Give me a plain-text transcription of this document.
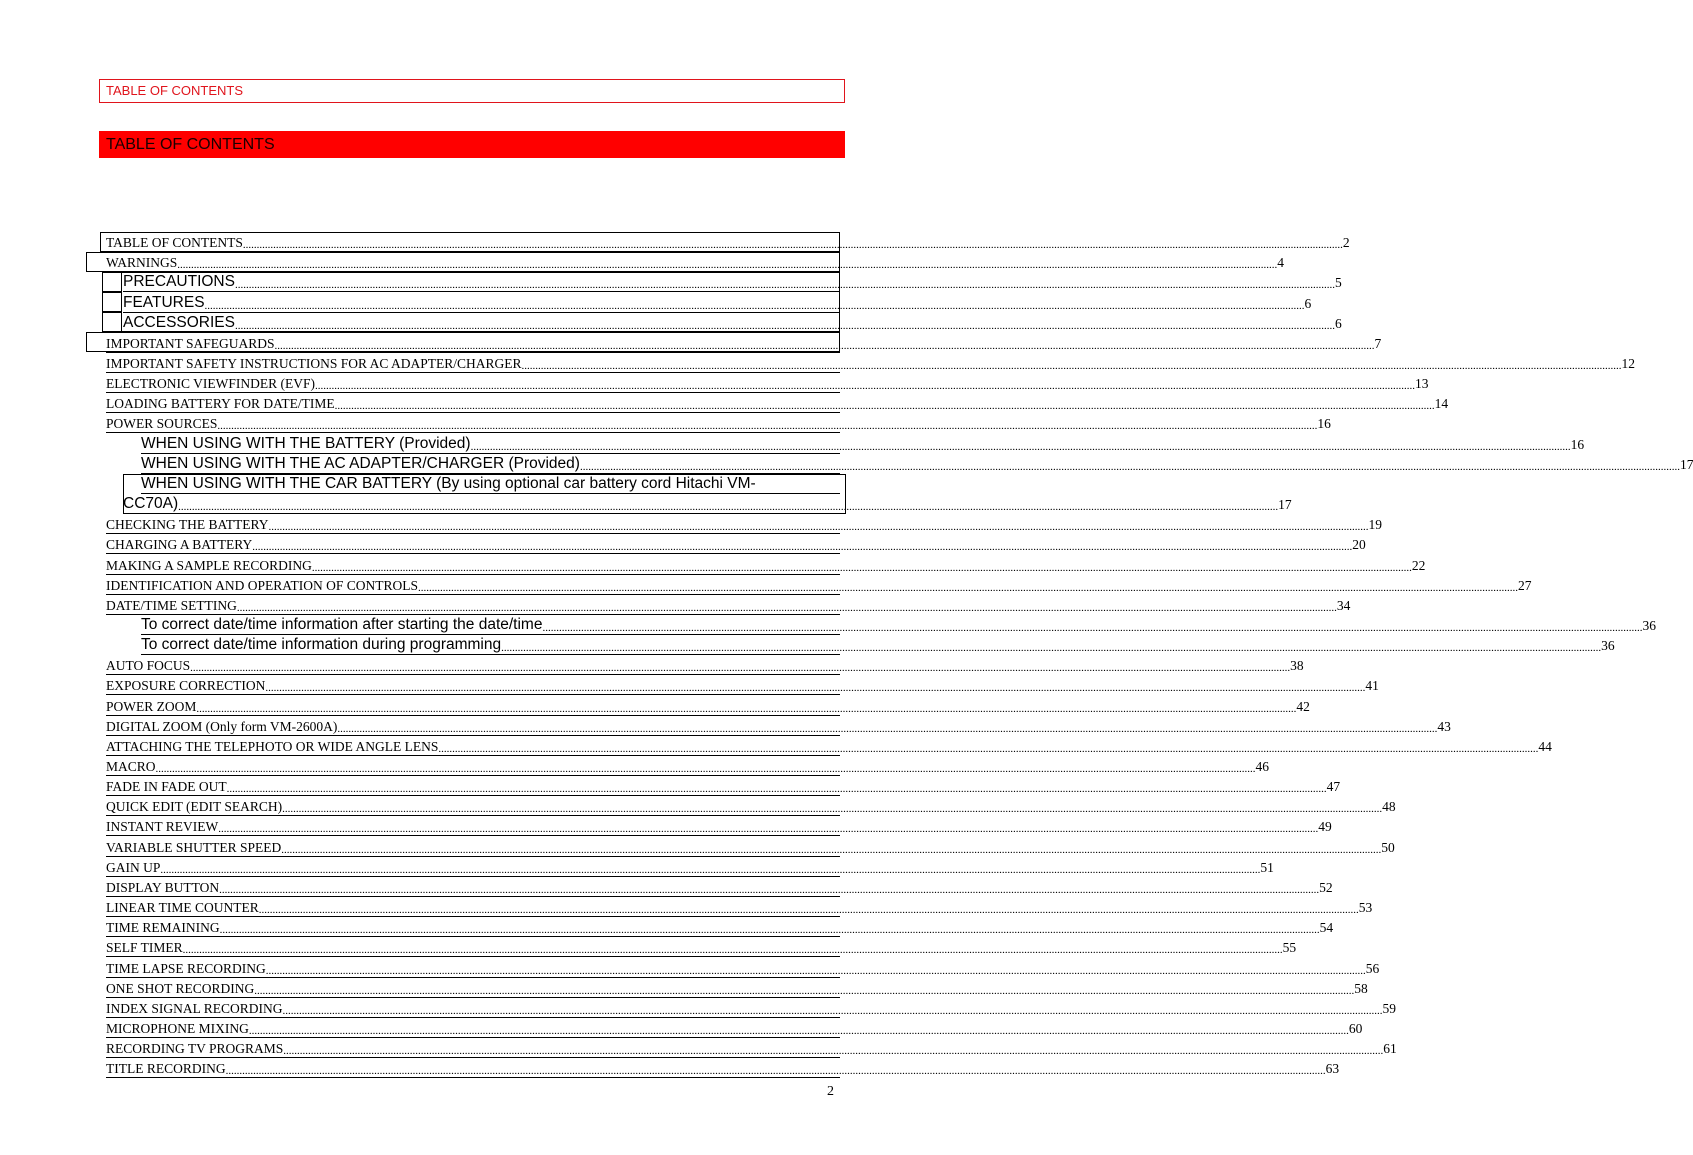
TABLE OF CONTENTS
TABLE OF CONTENTS
TABLE OF CONTENTS ................................................................................................................................................................................................................................................................................................................................................................................................................ 2
WARNINGS ................................................................................................................................................................................................................................................................................................................................................................................................................ 4
PRECAUTIONS ................................................................................................................................................................................................................................................................................................................................................................................................................ 5
FEATURES ................................................................................................................................................................................................................................................................................................................................................................................................................ 6
ACCESSORIES ................................................................................................................................................................................................................................................................................................................................................................................................................ 6
IMPORTANT SAFEGUARDS ................................................................................................................................................................................................................................................................................................................................................................................................................ 7
IMPORTANT SAFETY INSTRUCTIONS FOR AC ADAPTER/CHARGER ................................................................................................................................................................................................................................................................................................................................................................................................................ 12
ELECTRONIC VIEWFINDER (EVF) ................................................................................................................................................................................................................................................................................................................................................................................................................ 13
LOADING BATTERY FOR DATE/TIME ................................................................................................................................................................................................................................................................................................................................................................................................................ 14
POWER SOURCES ................................................................................................................................................................................................................................................................................................................................................................................................................ 16
WHEN USING WITH THE BATTERY (Provided) ................................................................................................................................................................................................................................................................................................................................................................................................................ 16
WHEN USING WITH THE AC ADAPTER/CHARGER (Provided) ................................................................................................................................................................................................................................................................................................................................................................................................................ 17
WHEN USING WITH THE CAR BATTERY (By using optional car battery cord Hitachi VM-
CC70A) ................................................................................................................................................................................................................................................................................................................................................................................................................ 17
CHECKING THE BATTERY ................................................................................................................................................................................................................................................................................................................................................................................................................ 19
CHARGING A BATTERY ................................................................................................................................................................................................................................................................................................................................................................................................................ 20
MAKING A SAMPLE RECORDING ................................................................................................................................................................................................................................................................................................................................................................................................................ 22
IDENTIFICATION AND OPERATION OF CONTROLS ................................................................................................................................................................................................................................................................................................................................................................................................................ 27
DATE/TIME SETTING ................................................................................................................................................................................................................................................................................................................................................................................................................ 34
To correct date/time information after starting the date/time ................................................................................................................................................................................................................................................................................................................................................................................................................ 36
To correct date/time information during programming ................................................................................................................................................................................................................................................................................................................................................................................................................ 36
AUTO FOCUS ................................................................................................................................................................................................................................................................................................................................................................................................................ 38
EXPOSURE CORRECTION ................................................................................................................................................................................................................................................................................................................................................................................................................ 41
POWER ZOOM ................................................................................................................................................................................................................................................................................................................................................................................................................ 42
DIGITAL ZOOM (Only form VM-2600A) ................................................................................................................................................................................................................................................................................................................................................................................................................ 43
ATTACHING THE TELEPHOTO OR WIDE ANGLE LENS ................................................................................................................................................................................................................................................................................................................................................................................................................ 44
MACRO ................................................................................................................................................................................................................................................................................................................................................................................................................ 46
FADE IN FADE OUT ................................................................................................................................................................................................................................................................................................................................................................................................................ 47
QUICK EDIT (EDIT SEARCH) ................................................................................................................................................................................................................................................................................................................................................................................................................ 48
INSTANT REVIEW ................................................................................................................................................................................................................................................................................................................................................................................................................ 49
VARIABLE SHUTTER SPEED ................................................................................................................................................................................................................................................................................................................................................................................................................ 50
GAIN UP ................................................................................................................................................................................................................................................................................................................................................................................................................ 51
DISPLAY BUTTON ................................................................................................................................................................................................................................................................................................................................................................................................................ 52
LINEAR TIME COUNTER ................................................................................................................................................................................................................................................................................................................................................................................................................ 53
TIME REMAINING ................................................................................................................................................................................................................................................................................................................................................................................................................ 54
SELF TIMER ................................................................................................................................................................................................................................................................................................................................................................................................................ 55
TIME LAPSE RECORDING ................................................................................................................................................................................................................................................................................................................................................................................................................ 56
ONE SHOT RECORDING ................................................................................................................................................................................................................................................................................................................................................................................................................ 58
INDEX SIGNAL RECORDING ................................................................................................................................................................................................................................................................................................................................................................................................................ 59
MICROPHONE MIXING ................................................................................................................................................................................................................................................................................................................................................................................................................ 60
RECORDING TV PROGRAMS ................................................................................................................................................................................................................................................................................................................................................................................................................ 61
TITLE RECORDING ................................................................................................................................................................................................................................................................................................................................................................................................................ 63
2
